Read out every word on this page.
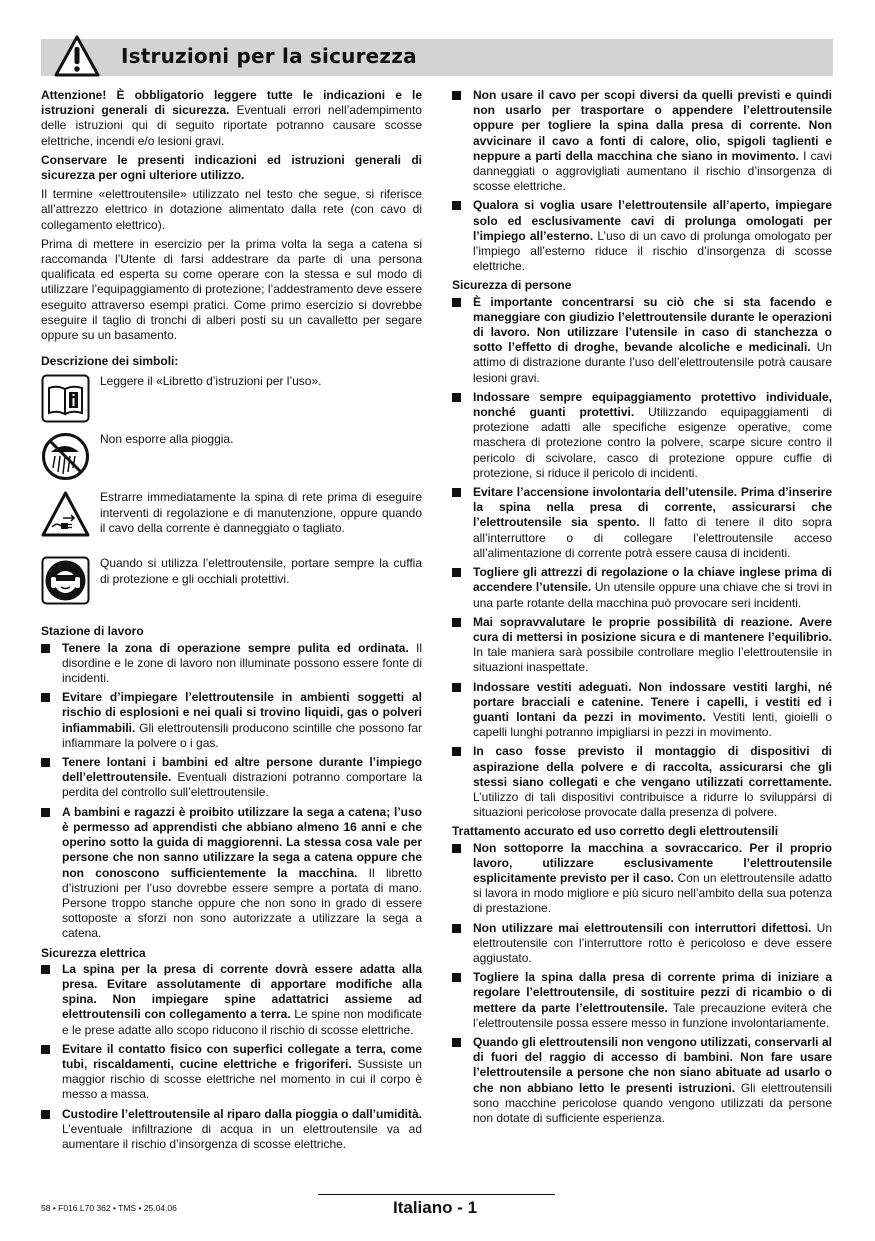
Istruzioni per la sicurezza

Attenzione! È obbligatorio leggere tutte le indicazioni e le istruzioni generali di sicurezza. Eventuali errori nell’adempimento delle istruzioni qui di seguito riportate potranno causare scosse elettriche, incendi e/o lesioni gravi.

Conservare le presenti indicazioni ed istruzioni generali di sicurezza per ogni ulteriore utilizzo.

Il termine «elettroutensile» utilizzato nel testo che segue, si riferisce all’attrezzo elettrico in dotazione alimentato dalla rete (con cavo di collegamento elettrico).

Prima di mettere in esercizio per la prima volta la sega a catena si raccomanda l’Utente di farsi addestrare da parte di una persona qualificata ed esperta su come operare con la stessa e sul modo di utilizzare l’equipaggiamento di protezione; l’addestramento deve essere eseguito attraverso esempi pratici. Come primo esercizio si dovrebbe eseguire il taglio di tronchi di alberi posti su un cavalletto per segare oppure su un basamento.

Descrizione dei simboli:
Leggere il «Libretto d’istruzioni per l’uso».
Non esporre alla pioggia.
Estrarre immediatamente la spina di rete prima di eseguire interventi di regolazione e di manutenzione, oppure quando il cavo della corrente è danneggiato o tagliato.
Quando si utilizza l’elettroutensile, portare sempre la cuffia di protezione e gli occhiali protettivi.
Stazione di lavoro
Tenere la zona di operazione sempre pulita ed ordinata. Il disordine e le zone di lavoro non illuminate possono essere fonte di incidenti.
Evitare d’impiegare l’elettroutensile in ambienti soggetti al rischio di esplosioni e nei quali si trovino liquidi, gas o polveri infiammabili. Gli elettroutensili producono scintille che possono far infiammare la polvere o i gas.
Tenere lontani i bambini ed altre persone durante l’impiego dell’elettroutensile. Eventuali distrazioni potranno comportare la perdita del controllo sull’elettroutensile.
A bambini e ragazzi è proibito utilizzare la sega a catena; l’uso è permesso ad apprendisti che abbiano almeno 16 anni e che operino sotto la guida di maggiorenni. La stessa cosa vale per persone che non sanno utilizzare la sega a catena oppure che non conoscono sufficientemente la macchina. Il libretto d’istruzioni per l’uso dovrebbe essere sempre a portata di mano. Persone troppo stanche oppure che non sono in grado di essere sottoposte a sforzi non sono autorizzate a utilizzare la sega a catena.
Sicurezza elettrica
La spina per la presa di corrente dovrà essere adatta alla presa. Evitare assolutamente di apportare modifiche alla spina. Non impiegare spine adattatrici assieme ad elettroutensili con collegamento a terra. Le spine non modificate e le prese adatte allo scopo riducono il rischio di scosse elettriche.
Evitare il contatto fisico con superfici collegate a terra, come tubi, riscaldamenti, cucine elettriche e frigoriferi. Sussiste un maggior rischio di scosse elettriche nel momento in cui il corpo è messo a massa.
Custodire l’elettroutensile al riparo dalla pioggia o dall’umidità. L’eventuale infiltrazione di acqua in un elettroutensile va ad aumentare il rischio d’insorgenza di scosse elettriche.
Non usare il cavo per scopi diversi da quelli previsti e quindi non usarlo per trasportare o appendere l’elettroutensile oppure per togliere la spina dalla presa di corrente. Non avvicinare il cavo a fonti di calore, olio, spigoli taglienti e neppure a parti della macchina che siano in movimento. I cavi danneggiati o aggrovigliati aumentano il rischio d’insorgenza di scosse elettriche.
Qualora si voglia usare l’elettroutensile all’aperto, impiegare solo ed esclusivamente cavi di prolunga omologati per l’impiego all’esterno. L’uso di un cavo di prolunga omologato per l’impiego all’esterno riduce il rischio d’insorgenza di scosse elettriche.
Sicurezza di persone
È importante concentrarsi su ciò che si sta facendo e maneggiare con giudizio l’elettroutensile durante le operazioni di lavoro. Non utilizzare l’utensile in caso di stanchezza o sotto l’effetto di droghe, bevande alcoliche e medicinali. Un attimo di distrazione durante l’uso dell’elettroutensile potrà causare lesioni gravi.
Indossare sempre equipaggiamento protettivo individuale, nonché guanti protettivi. Utilizzando equipaggiamenti di protezione adatti alle specifiche esigenze operative, come maschera di protezione contro la polvere, scarpe sicure contro il pericolo di scivolare, casco di protezione oppure cuffie di protezione, si riduce il pericolo di incidenti.
Evitare l’accensione involontaria dell’utensile. Prima d’inserire la spina nella presa di corrente, assicurarsi che l’elettroutensile sia spento. Il fatto di tenere il dito sopra all’interruttore o di collegare l’elettroutensile acceso all’alimentazione di corrente potrà essere causa di incidenti.
Togliere gli attrezzi di regolazione o la chiave inglese prima di accendere l’utensile. Un utensile oppure una chiave che si trovi in una parte rotante della macchina può provocare seri incidenti.
Mai sopravvalutare le proprie possibilità di reazione. Avere cura di mettersi in posizione sicura e di mantenere l’equilibrio. In tale maniera sarà possibile controllare meglio l’elettroutensile in situazioni inaspettate.
Indossare vestiti adeguati. Non indossare vestiti larghi, né portare bracciali e catenine. Tenere i capelli, i vestiti ed i guanti lontani da pezzi in movimento. Vestiti lenti, gioielli o capelli lunghi potranno impigliarsi in pezzi in movimento.
In caso fosse previsto il montaggio di dispositivi di aspirazione della polvere e di raccolta, assicurarsi che gli stessi siano collegati e che vengano utilizzati correttamente. L’utilizzo di tali dispositivi contribuisce a ridurre lo sviluppársi di situazioni pericolose provocate dalla presenza di polvere.
Trattamento accurato ed uso corretto degli elettroutensili
Non sottoporre la macchina a sovraccarico. Per il proprio lavoro, utilizzare esclusivamente l’elettroutensile esplicitamente previsto per il caso. Con un elettroutensile adatto si lavora in modo migliore e più sicuro nell’ambito della sua potenza di prestazione.
Non utilizzare mai elettroutensili con interruttori difettosi. Un elettroutensile con l’interruttore rotto è pericoloso e deve essere aggiustato.
Togliere la spina dalla presa di corrente prima di iniziare a regolare l’elettroutensile, di sostituire pezzi di ricambio o di mettere da parte l’elettroutensile. Tale precauzione eviterà che l’elettroutensile possa essere messo in funzione involontariamente.
Quando gli elettroutensili non vengono utilizzati, conservarli al di fuori del raggio di accesso di bambini. Non fare usare l’elettroutensile a persone che non siano abituate ad usarlo o che non abbiano letto le presenti istruzioni. Gli elettroutensili sono macchine pericolose quando vengono utilizzati da persone non dotate di sufficiente esperienza.
58 • F016 L70 362 • TMS • 25.04.06	Italiano - 1
